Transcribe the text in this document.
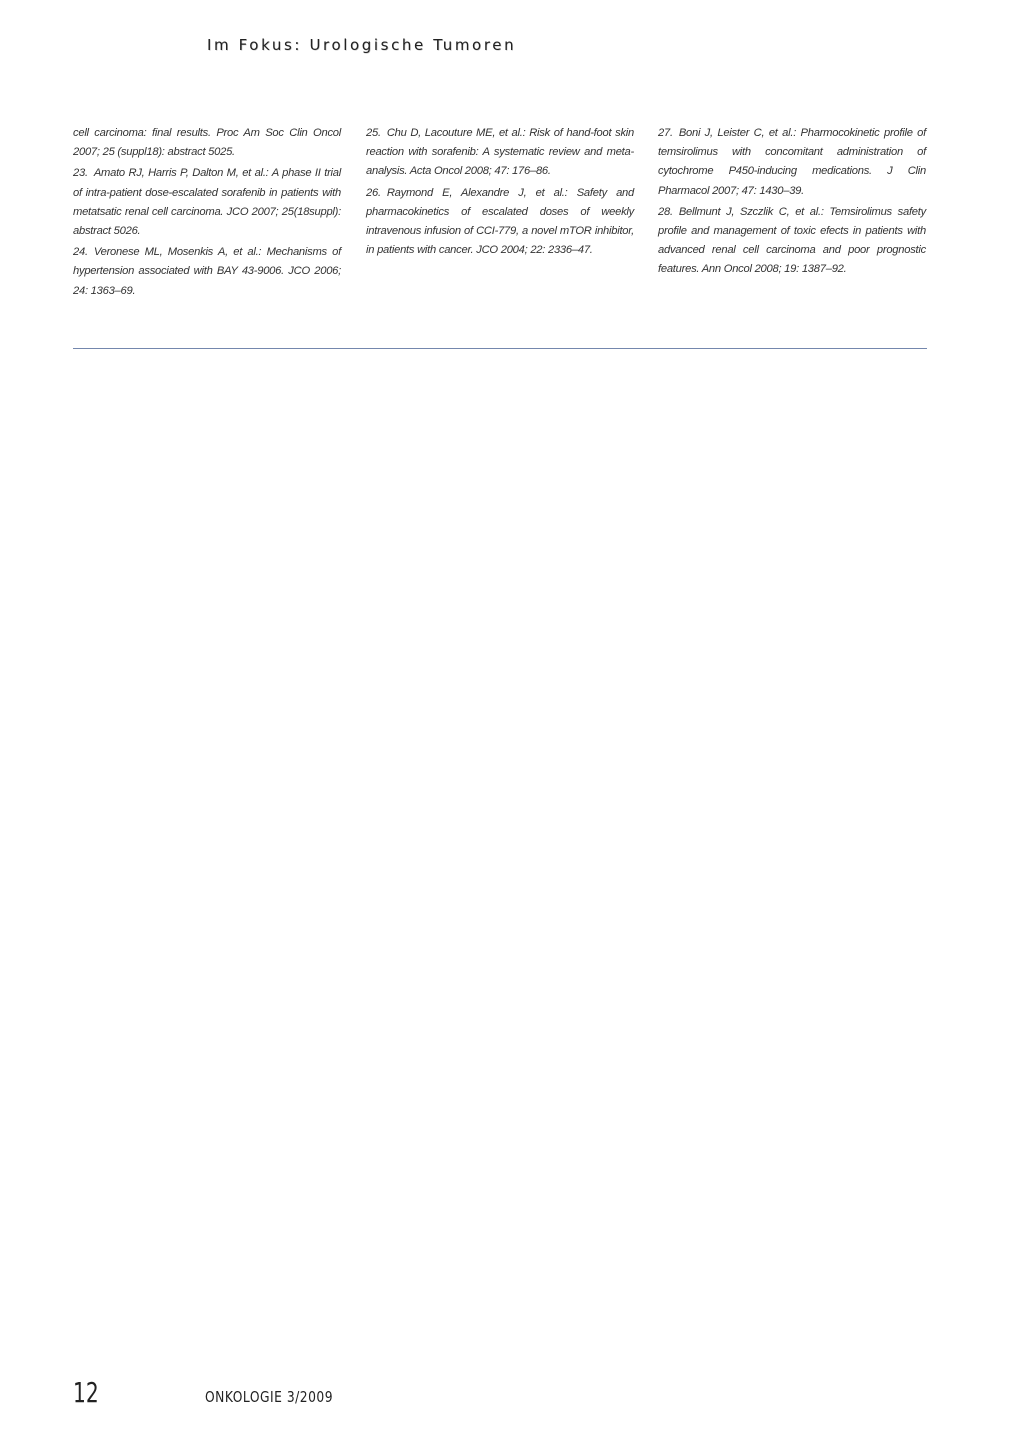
Im Fokus: Urologische Tumoren

cell carcinoma: final results. Proc Am Soc Clin Oncol 2007; 25 (suppl18): abstract 5025.

23. Amato RJ, Harris P, Dalton M, et al.: A phase II trial of intra-patient dose-escalated sorafenib in patients with metatsatic renal cell carcinoma. JCO 2007; 25(18suppl): abstract 5026.

24. Veronese ML, Mosenkis A, et al.: Mechanisms of hypertension associated with BAY 43-9006. JCO 2006; 24: 1363–69.

25. Chu D, Lacouture ME, et al.: Risk of hand-foot skin reaction with sorafenib: A systematic review and meta-analysis. Acta Oncol 2008; 47: 176–86.

26. Raymond E, Alexandre J, et al.: Safety and pharmacokinetics of escalated doses of weekly intravenous infusion of CCI-779, a novel mTOR inhibitor, in patients with cancer. JCO 2004; 22: 2336–47.

27. Boni J, Leister C, et al.: Pharmocokinetic profile of temsirolimus with concomitant administration of cytochrome P450-inducing medications. J Clin Pharmacol 2007; 47: 1430–39.

28. Bellmunt J, Szczlik C, et al.: Temsirolimus safety profile and management of toxic efects in patients with advanced renal cell carcinoma and poor prognostic features. Ann Oncol 2008; 19: 1387–92.

12	ONKOLOGIE 3/2009
